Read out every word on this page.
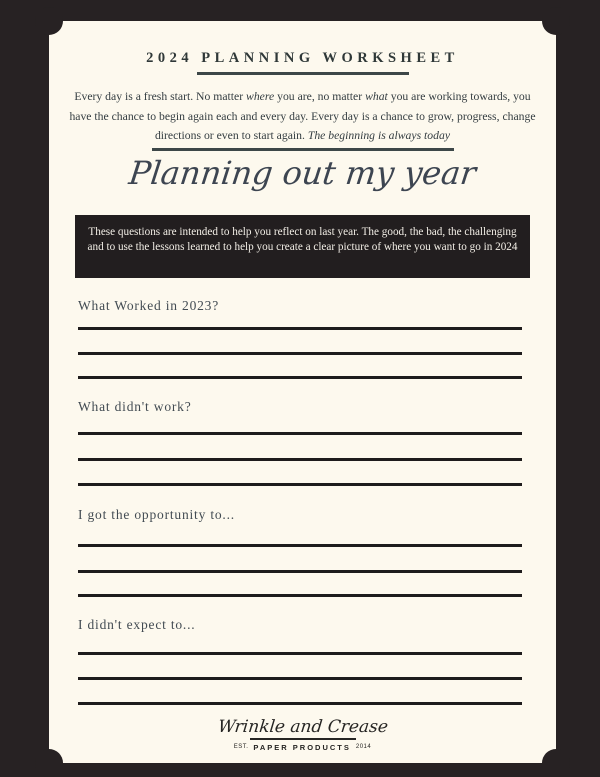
2024 PLANNING WORKSHEET
Every day is a fresh start. No matter where you are, no matter what you are working towards, you have the chance to begin again each and every day. Every day is a chance to grow, progress, change directions or even to start again. The beginning is always today
Planning out my year
These questions are intended to help you reflect on last year. The good, the bad, the challenging
and to use the lessons learned to help you create a clear picture of where you want to go in 2024
What Worked in 2023?
What didn't work?
I got the opportunity to...
I didn't expect to...
Wrinkle and Crease
EST. PAPER PRODUCTS 2014
